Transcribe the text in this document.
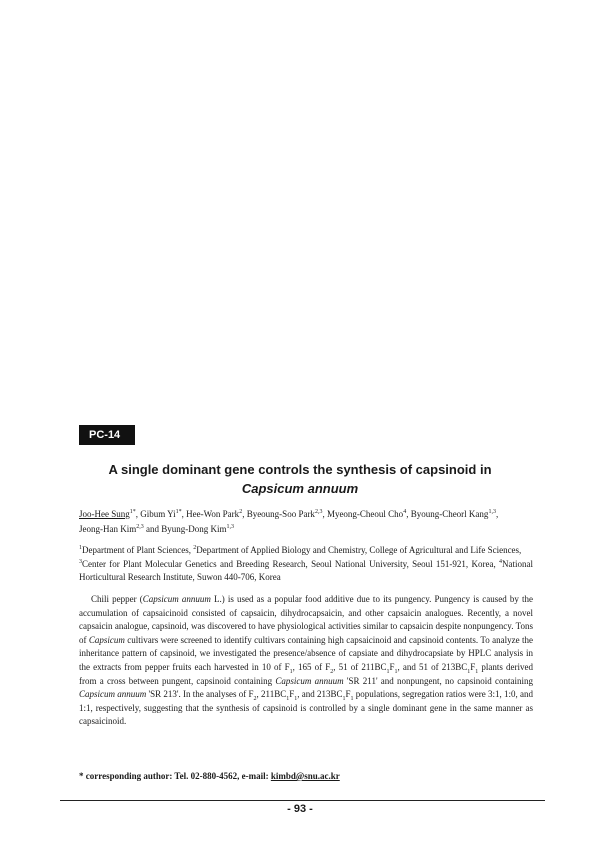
PC-14
A single dominant gene controls the synthesis of capsinoid in
Capsicum annuum

Joo-Hee Sung$^{1*}$, Gibum $Yi^{1*}$, Hee-Won Park$^2$, Byeoung-Soo Park$^{2,3}$, Myeong-Cheoul Cho$^4$, Byoung-Cheorl Kang$^{1,3}$,
Jeong-Han Kim$^{2,3}$ and Byung-Dong Kim$^{1,3}$

$^1$Department of Plant Sciences, $^2$Department of Applied Biology and Chemistry, College of Agricultural and Life Sciences,
$^3$Center for Plant Molecular Genetics and Breeding Research, Seoul National University, Seoul 151-921, Korea, $^4$National Horticultural Research Institute, Suwon 440-706, Korea

Chili pepper (Capsicum annuum L.) is used as a popular food additive due to its pungency. Pungency is caused by the accumulation of capsaicinoid consisted of capsaicin, dihydrocapsaicin, and other capsaicin analogues. Recently, a novel capsaicin analogue, capsinoid, was discovered to have physiological activities similar to capsaicin despite nonpungency. Tons of Capsicum cultivars were screened to identify cultivars containing high capsaicinoid and capsinoid contents. To analyze the inheritance pattern of capsinoid, we investigated the presence/absence of capsiate and dihydrocapsiate by HPLC analysis in the extracts from pepper fruits each harvested in 10 of $F_1$, 165 of $F_2$, 51 of $211BC_1F_1$, and 51 of $213BC_1F_1$ plants derived from a cross between pungent, capsinoid containing Capsicum annuum 'SR 211' and nonpungent, no capsinoid containing Capsicum annuum 'SR 213'. In the analyses of $F_2$, $211BC_1F_1$, and $213BC_1F_1$ populations, segregation ratios were 3:1, 1:0, and 1:1, respectively, suggesting that the synthesis of capsinoid is controlled by a single dominant gene in the same manner as capsaicinoid.

* corresponding author: Tel. 02-880-4562, e-mail: kimbd@snu.ac.kr

- 93 -
